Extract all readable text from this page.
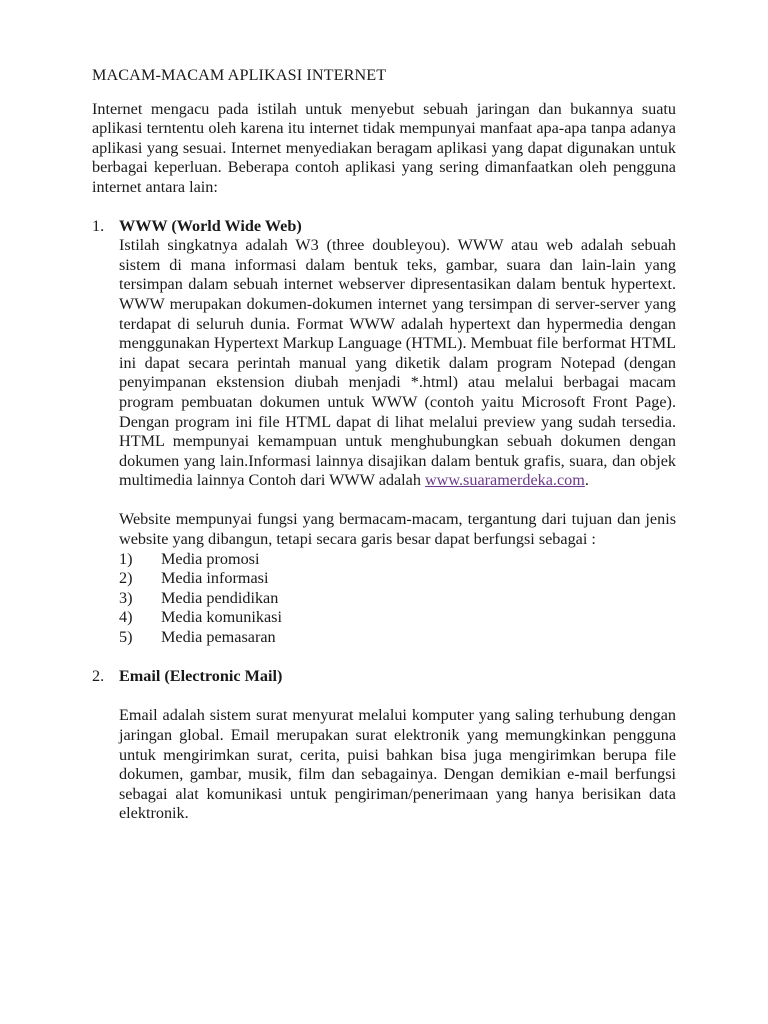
MACAM-MACAM APLIKASI INTERNET

Internet mengacu pada istilah untuk menyebut sebuah jaringan dan bukannya suatu aplikasi terntentu oleh karena itu internet tidak mempunyai manfaat apa-apa tanpa adanya aplikasi yang sesuai. Internet menyediakan beragam aplikasi yang dapat digunakan untuk berbagai keperluan. Beberapa contoh aplikasi yang sering dimanfaatkan oleh pengguna internet antara lain:

1. WWW (World Wide Web)

Istilah singkatnya adalah W3 (three doubleyou). WWW atau web adalah sebuah sistem di mana informasi dalam bentuk teks, gambar, suara dan lain-lain yang tersimpan dalam sebuah internet webserver dipresentasikan dalam bentuk hypertext. WWW merupakan dokumen-dokumen internet yang tersimpan di server-server yang terdapat di seluruh dunia. Format WWW adalah hypertext dan hypermedia dengan menggunakan Hypertext Markup Language (HTML). Membuat file berformat HTML ini dapat secara perintah manual yang diketik dalam program Notepad (dengan penyimpanan ekstension diubah menjadi *.html) atau melalui berbagai macam program pembuatan dokumen untuk WWW (contoh yaitu Microsoft Front Page). Dengan program ini file HTML dapat di lihat melalui preview yang sudah tersedia. HTML mempunyai kemampuan untuk menghubungkan sebuah dokumen dengan dokumen yang lain.Informasi lainnya disajikan dalam bentuk grafis, suara, dan objek multimedia lainnya Contoh dari WWW adalah www.suaramerdeka.com.

Website mempunyai fungsi yang bermacam-macam, tergantung dari tujuan dan jenis website yang dibangun, tetapi secara garis besar dapat berfungsi sebagai :

1)	Media promosi
2)	Media informasi
3)	Media pendidikan
4)	Media komunikasi
5)	Media pemasaran
2. Email (Electronic Mail)

Email adalah sistem surat menyurat melalui komputer yang saling terhubung dengan jaringan global. Email merupakan surat elektronik yang memungkinkan pengguna untuk mengirimkan surat, cerita, puisi bahkan bisa juga mengirimkan berupa file dokumen, gambar, musik, film dan sebagainya. Dengan demikian e-mail berfungsi sebagai alat komunikasi untuk pengiriman/penerimaan yang hanya berisikan data elektronik.
